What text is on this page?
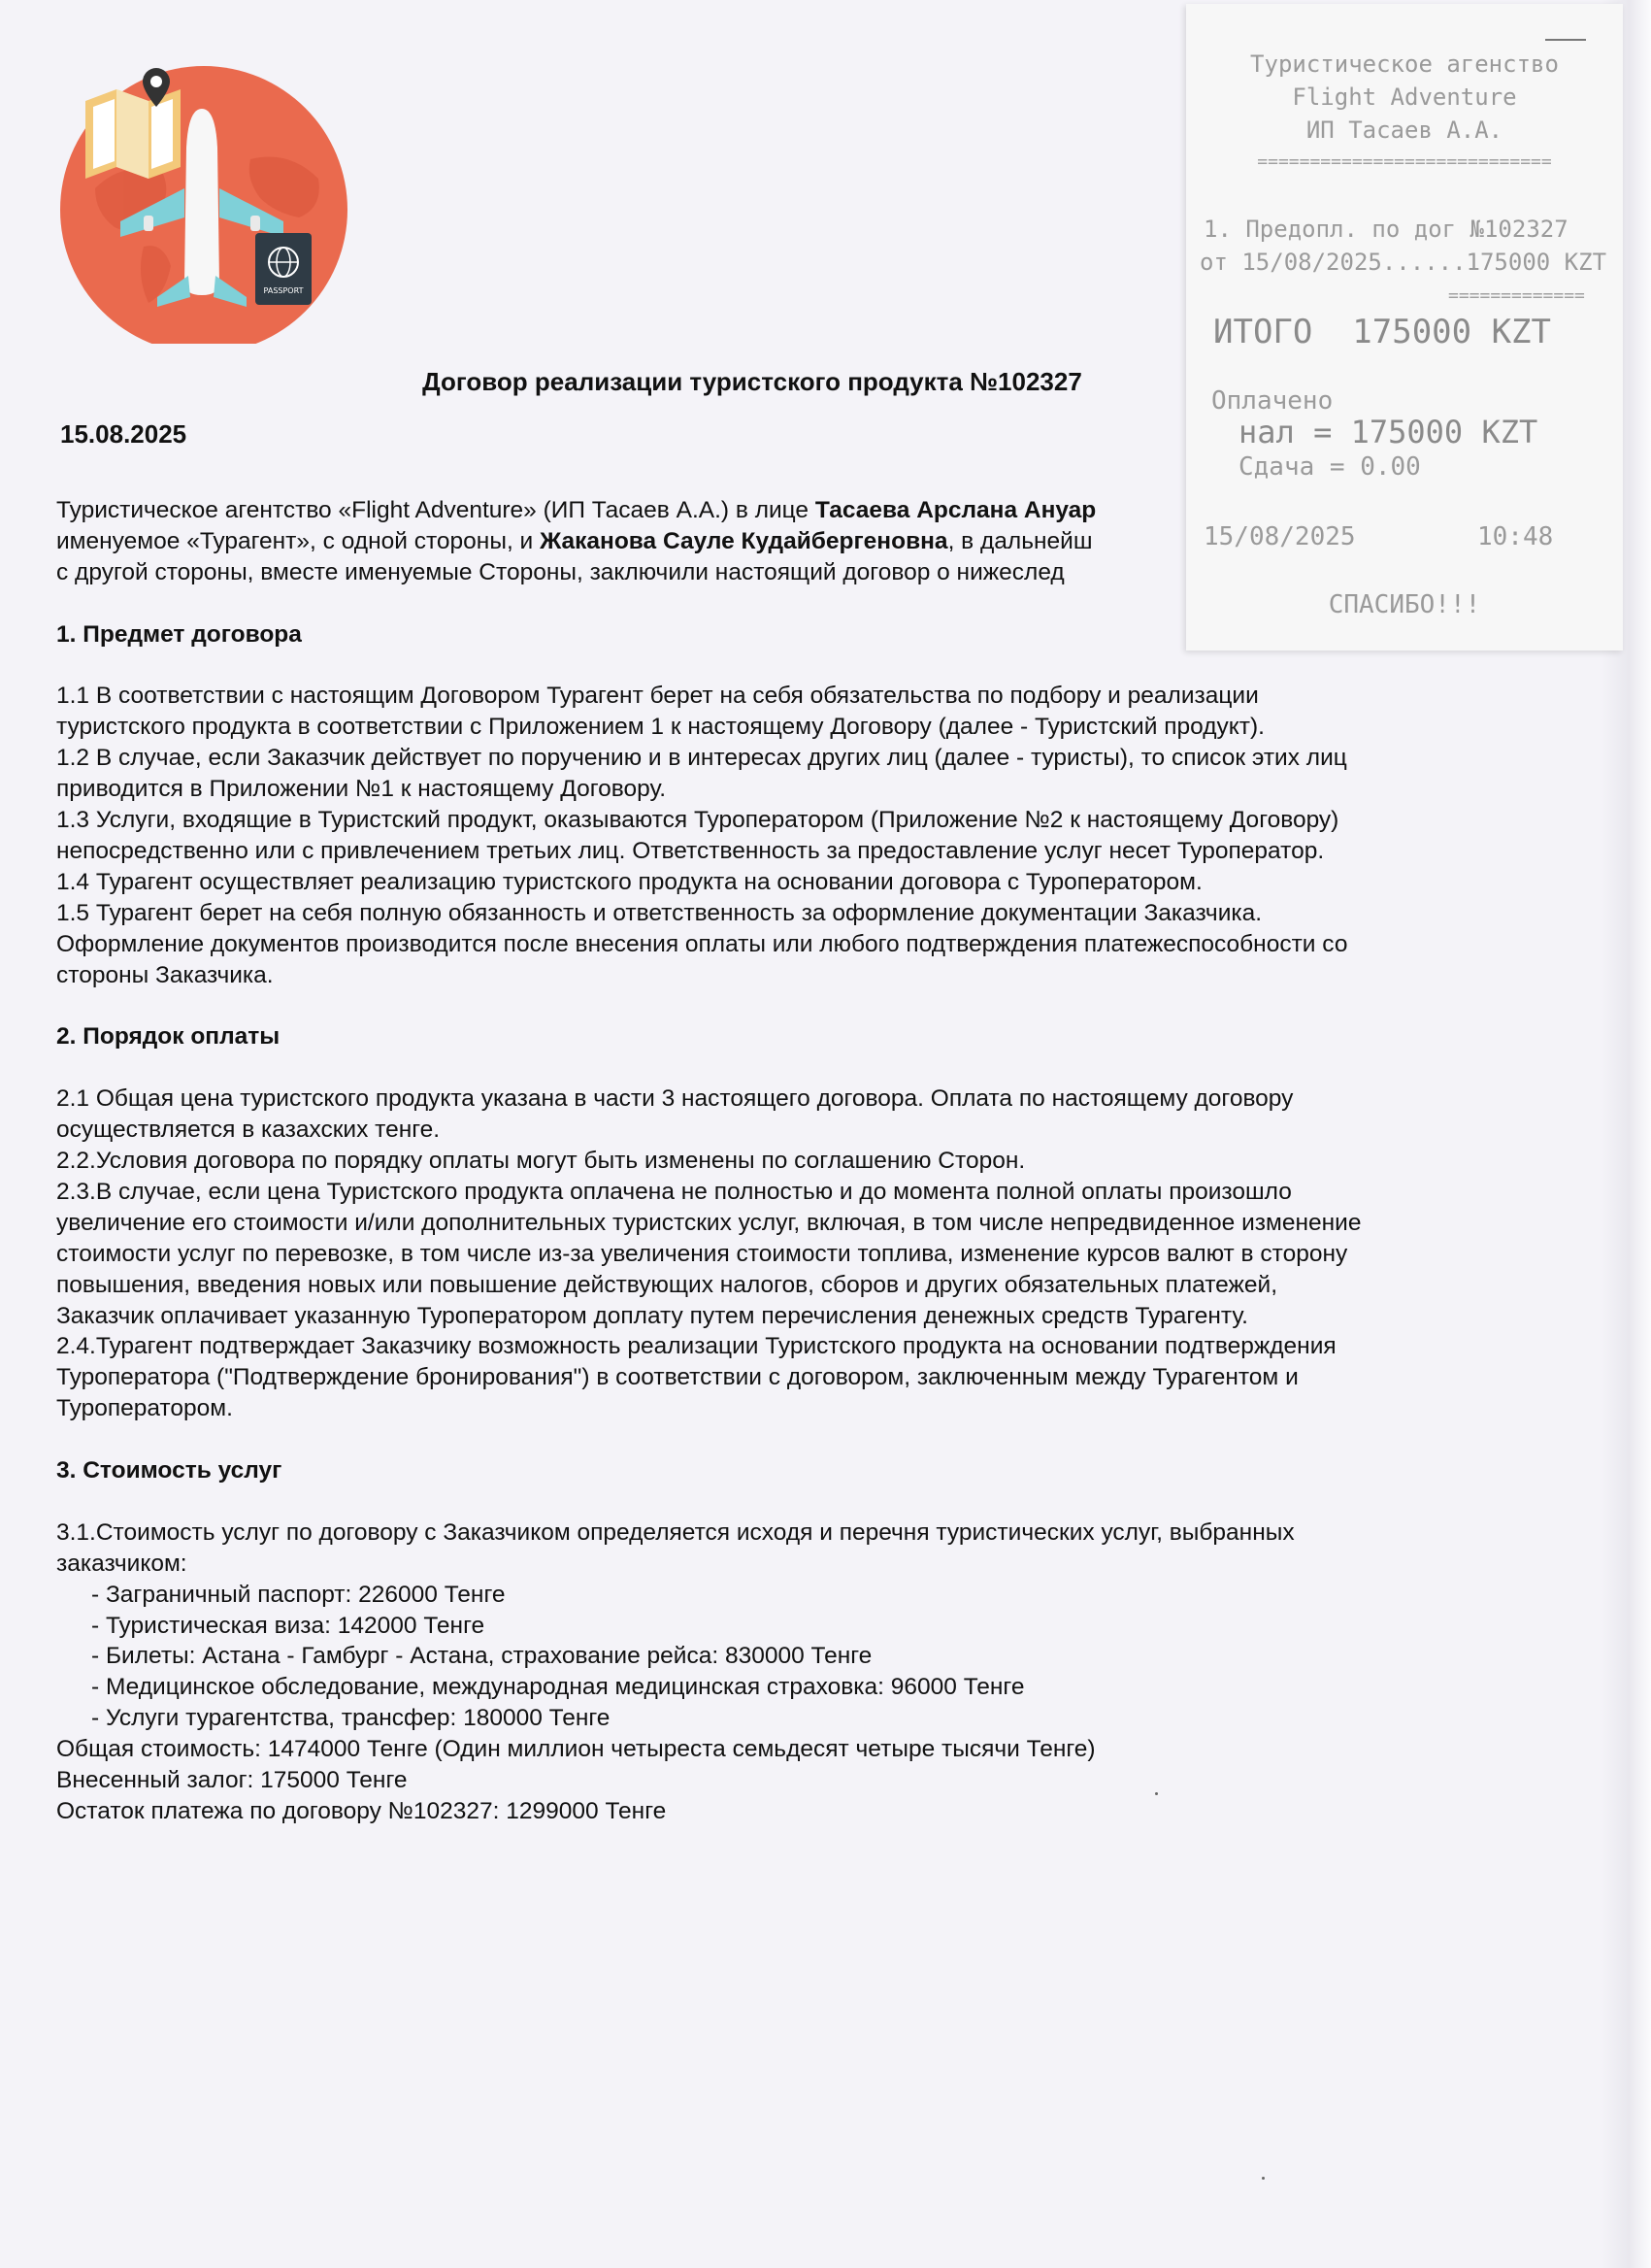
PASSPORT
Договор реализации туристского продукта №102327
15.08.2025

Туристическое агентство «Flight Adventure» (ИП Тасаев А.А.) в лице Тасаева Арслана Ануар

именуемое «Турагент», с одной стороны, и Жаканова Сауле Кудайбергеновна, в дальнейш

с другой стороны, вместе именуемые Стороны, заключили настоящий договор о нижеслед

1. Предмет договора

1.1 В соответствии с настоящим Договором Турагент берет на себя обязательства по подбору и реализации

туристского продукта в соответствии с Приложением 1 к настоящему Договору (далее - Туристский продукт).

1.2 В случае, если Заказчик действует по поручению и в интересах других лиц (далее - туристы), то список этих лиц

приводится в Приложении №1 к настоящему Договору.

1.3 Услуги, входящие в Туристский продукт, оказываются Туроператором (Приложение №2 к настоящему Договору)

непосредственно или с привлечением третьих лиц. Ответственность за предоставление услуг несет Туроператор.

1.4 Турагент осуществляет реализацию туристского продукта на основании договора с Туроператором.

1.5 Турагент берет на себя полную обязанность и ответственность за оформление документации Заказчика.

Оформление документов производится после внесения оплаты или любого подтверждения платежеспособности со

стороны Заказчика.

2. Порядок оплаты

2.1 Общая цена туристского продукта указана в части 3 настоящего договора. Оплата по настоящему договору

осуществляется в казахских тенге.

2.2.Условия договора по порядку оплаты могут быть изменены по соглашению Сторон.

2.3.В случае, если цена Туристского продукта оплачена не полностью и до момента полной оплаты произошло

увеличение его стоимости и/или дополнительных туристских услуг, включая, в том числе непредвиденное изменение

стоимости услуг по перевозке, в том числе из-за увеличения стоимости топлива, изменение курсов валют в сторону

повышения, введения новых или повышение действующих налогов, сборов и других обязательных платежей,

Заказчик оплачивает указанную Туроператором доплату путем перечисления денежных средств Турагенту.

2.4.Турагент подтверждает Заказчику возможность реализации Туристского продукта на основании подтверждения

Туроператора ("Подтверждение бронирования") в соответствии с договором, заключенным между Турагентом и

Туроператором.

3. Стоимость услуг

3.1.Стоимость услуг по договору с Заказчиком определяется исходя и перечня туристических услуг, выбранных

заказчиком:

- Заграничный паспорт: 226000 Тенге

- Туристическая виза: 142000 Тенге

- Билеты: Астана - Гамбург - Астана, страхование рейса: 830000 Тенге

- Медицинское обследование, международная медицинская страховка: 96000 Тенге

- Услуги турагентства, трансфер: 180000 Тенге

Общая стоимость: 1474000 Тенге (Один миллион четыреста семьдесят четыре тысячи Тенге)

Внесенный залог: 175000 Тенге

Остаток платежа по договору №102327: 1299000 Тенге

Туристическое агенство
Flight Adventure
ИП Тасаев А.А.
============================
1. Предопл. по дог №102327
от 15/08/2025......175000 KZT
=============
ИТОГО  175000 KZT
Оплачено
нал = 175000 KZT
Сдача = 0.00
15/08/2025	10:48
СПАСИБО!!!
